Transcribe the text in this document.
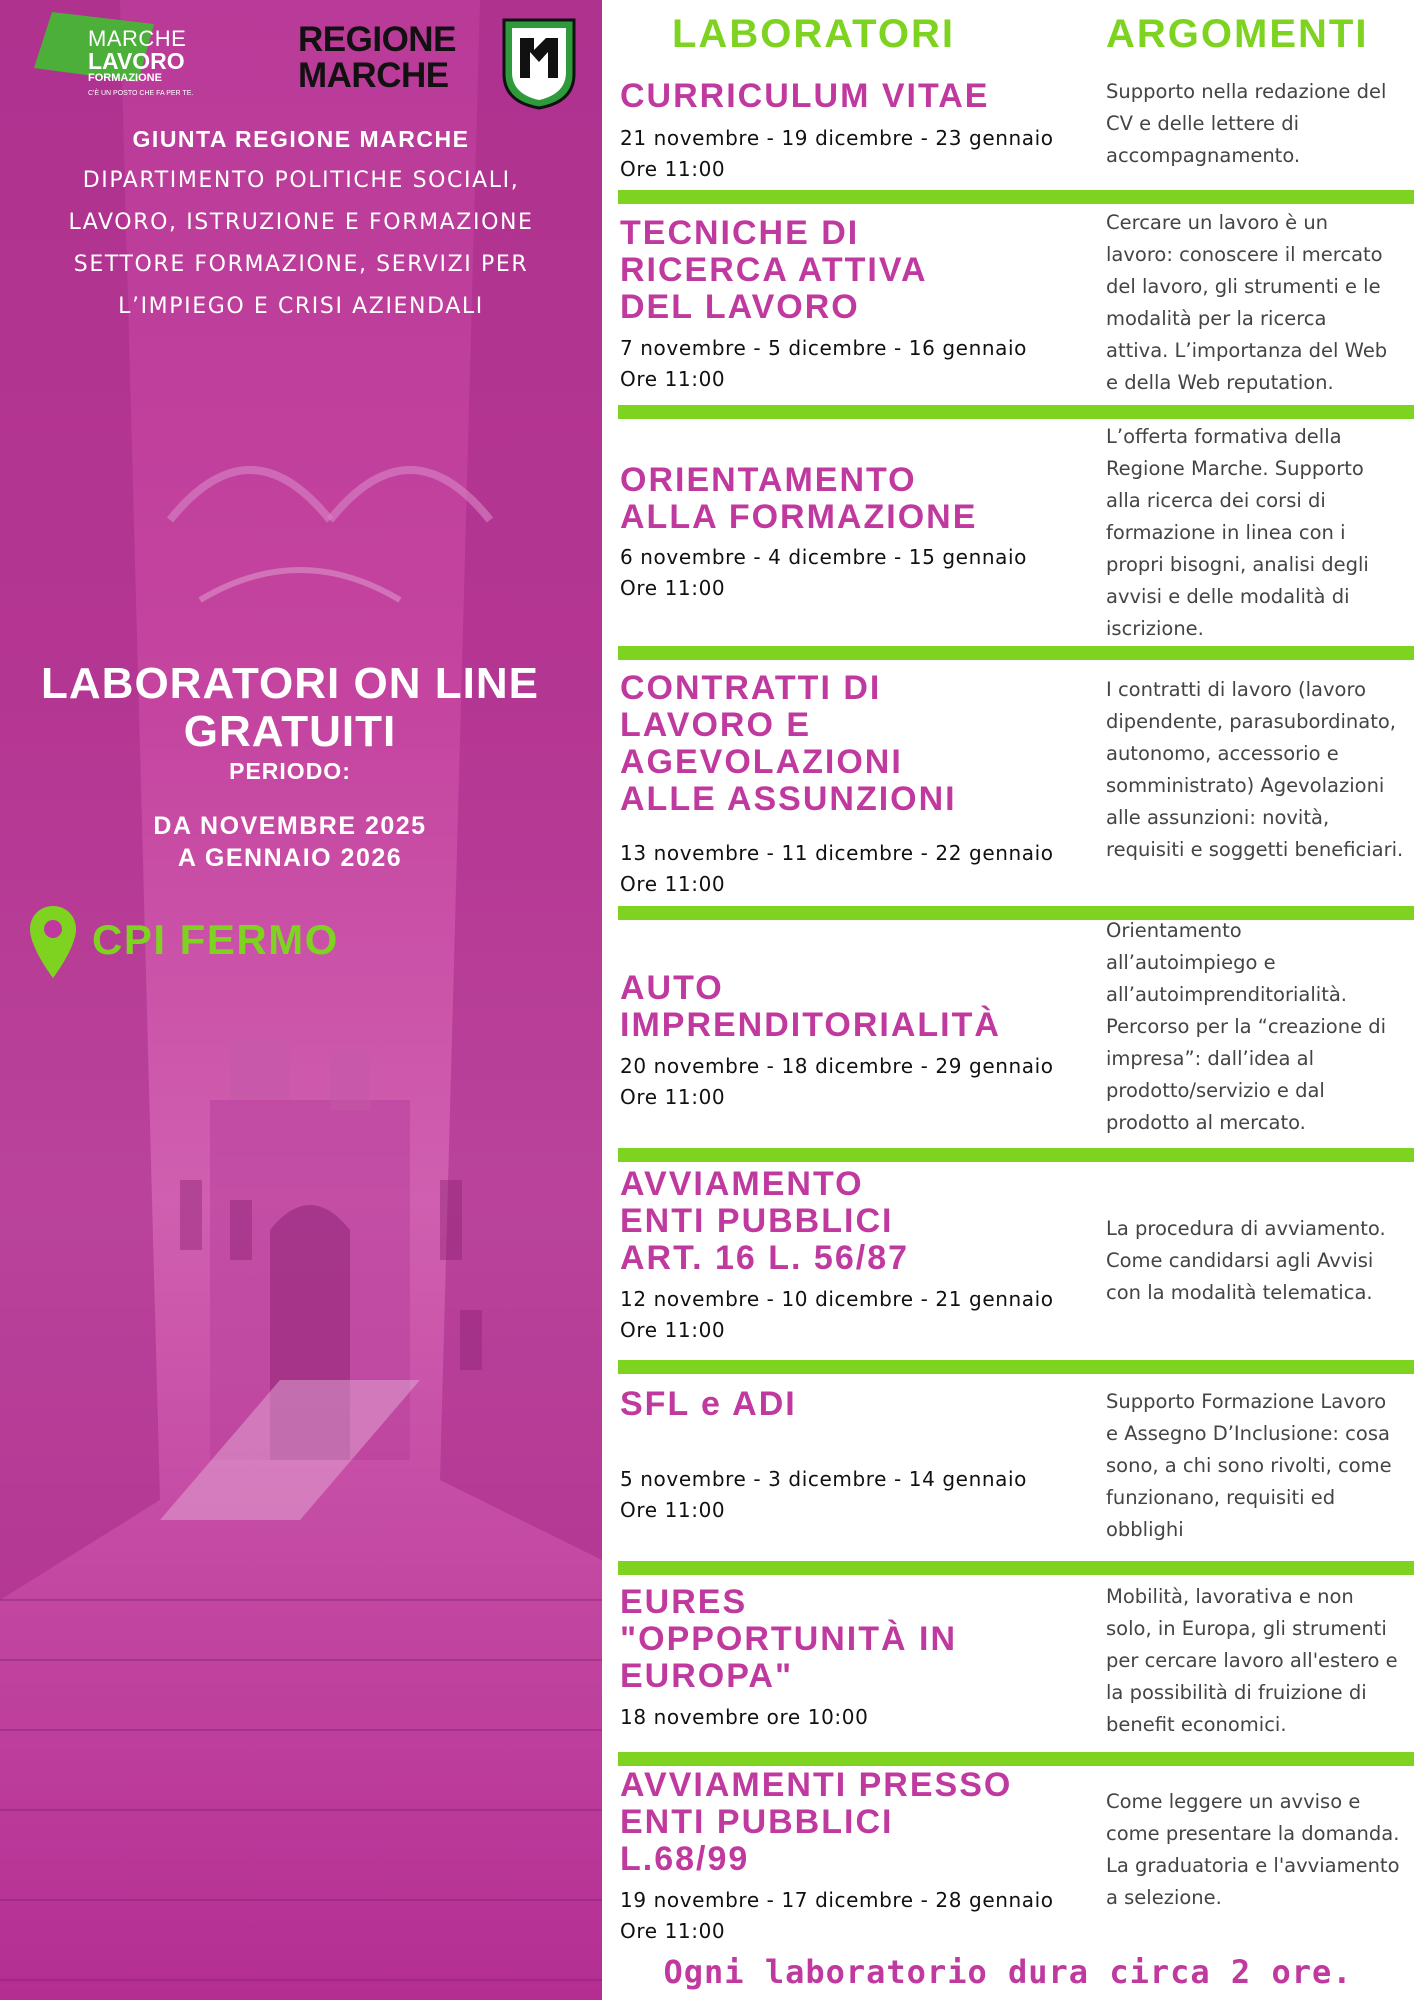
MARCHE
LAVORO
FORMAZIONE
C'È UN POSTO CHE FA PER TE.
REGIONE
MARCHE
GIUNTA REGIONE MARCHE
DIPARTIMENTO POLITICHE SOCIALI,
LAVORO, ISTRUZIONE E FORMAZIONE
SETTORE FORMAZIONE, SERVIZI PER
L’IMPIEGO E CRISI AZIENDALI
LABORATORI ON LINE
GRATUITI
PERIODO:
DA NOVEMBRE 2025
A GENNAIO 2026
CPI FERMO
LABORATORI	ARGOMENTI
CURRICULUM VITAE
21 novembre - 19 dicembre - 23 gennaio
Ore 11:00
Supporto nella redazione del
CV e delle lettere di
accompagnamento.
TECNICHE DI
RICERCA ATTIVA
DEL LAVORO
7 novembre - 5 dicembre - 16 gennaio
Ore 11:00
Cercare un lavoro è un
lavoro: conoscere il mercato
del lavoro, gli strumenti e le
modalità per la ricerca
attiva. L’importanza del Web
e della Web reputation.
ORIENTAMENTO
ALLA FORMAZIONE
6 novembre - 4 dicembre - 15 gennaio
Ore 11:00
L’offerta formativa della
Regione Marche. Supporto
alla ricerca dei corsi di
formazione in linea con i
propri bisogni, analisi degli
avvisi e delle modalità di
iscrizione.
CONTRATTI DI
LAVORO E
AGEVOLAZIONI
ALLE ASSUNZIONI
13 novembre - 11 dicembre - 22 gennaio
Ore 11:00
I contratti di lavoro (lavoro
dipendente, parasubordinato,
autonomo, accessorio e
somministrato) Agevolazioni
alle assunzioni: novità,
requisiti e soggetti beneficiari.
AUTO
IMPRENDITORIALITÀ
20 novembre - 18 dicembre - 29 gennaio
Ore 11:00
Orientamento
all’autoimpiego e
all’autoimprenditorialità.
Percorso per la “creazione di
impresa”: dall’idea al
prodotto/servizio e dal
prodotto al mercato.
AVVIAMENTO
ENTI PUBBLICI
ART. 16 L. 56/87
12 novembre - 10 dicembre - 21 gennaio
Ore 11:00
La procedura di avviamento.
Come candidarsi agli Avvisi
con la modalità telematica.
SFL e ADI
5 novembre - 3 dicembre - 14 gennaio
Ore 11:00
Supporto Formazione Lavoro
e Assegno D’Inclusione: cosa
sono, a chi sono rivolti, come
funzionano, requisiti ed
obblighi
EURES
"OPPORTUNITÀ IN
EUROPA"
18 novembre ore 10:00
Mobilità, lavorativa e non
solo, in Europa, gli strumenti
per cercare lavoro all'estero e
la possibilità di fruizione di
benefit economici.
AVVIAMENTI PRESSO
ENTI PUBBLICI
L.68/99
19 novembre - 17 dicembre - 28 gennaio
Ore 11:00
Come leggere un avviso e
come presentare la domanda.
La graduatoria e l'avviamento
a selezione.
Ogni laboratorio dura circa 2 ore.
